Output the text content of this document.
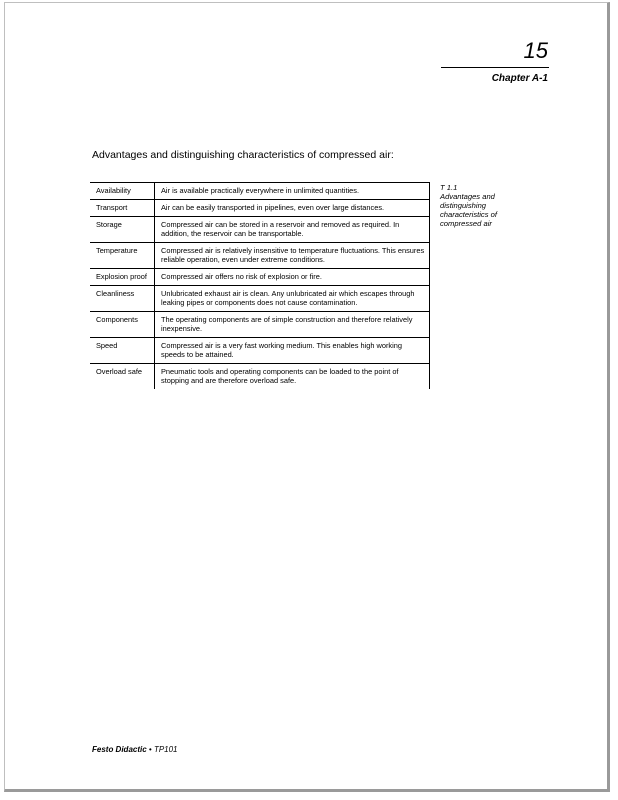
15
Chapter A-1
Advantages and distinguishing characteristics of compressed air:
Availability	Air is available practically everywhere in unlimited quantities.
Transport	Air can be easily transported in pipelines, even over large distances.
Storage	Compressed air can be stored in a reservoir and removed as required. In addition, the reservoir can be transportable.
Temperature	Compressed air is relatively insensitive to temperature fluctuations. This ensures reliable operation, even under extreme conditions.
Explosion proof	Compressed air offers no risk of explosion or fire.
Cleanliness	Unlubricated exhaust air is clean. Any unlubricated air which escapes through leaking pipes or components does not cause contamination.
Components	The operating components are of simple construction and therefore relatively inexpensive.
Speed	Compressed air is a very fast working medium. This enables high working speeds to be attained.
Overload safe	Pneumatic tools and operating components can be loaded to the point of stopping and are therefore overload safe.
T 1.1
Advantages and distinguishing characteristics of compressed air
Festo Didactic • TP101
